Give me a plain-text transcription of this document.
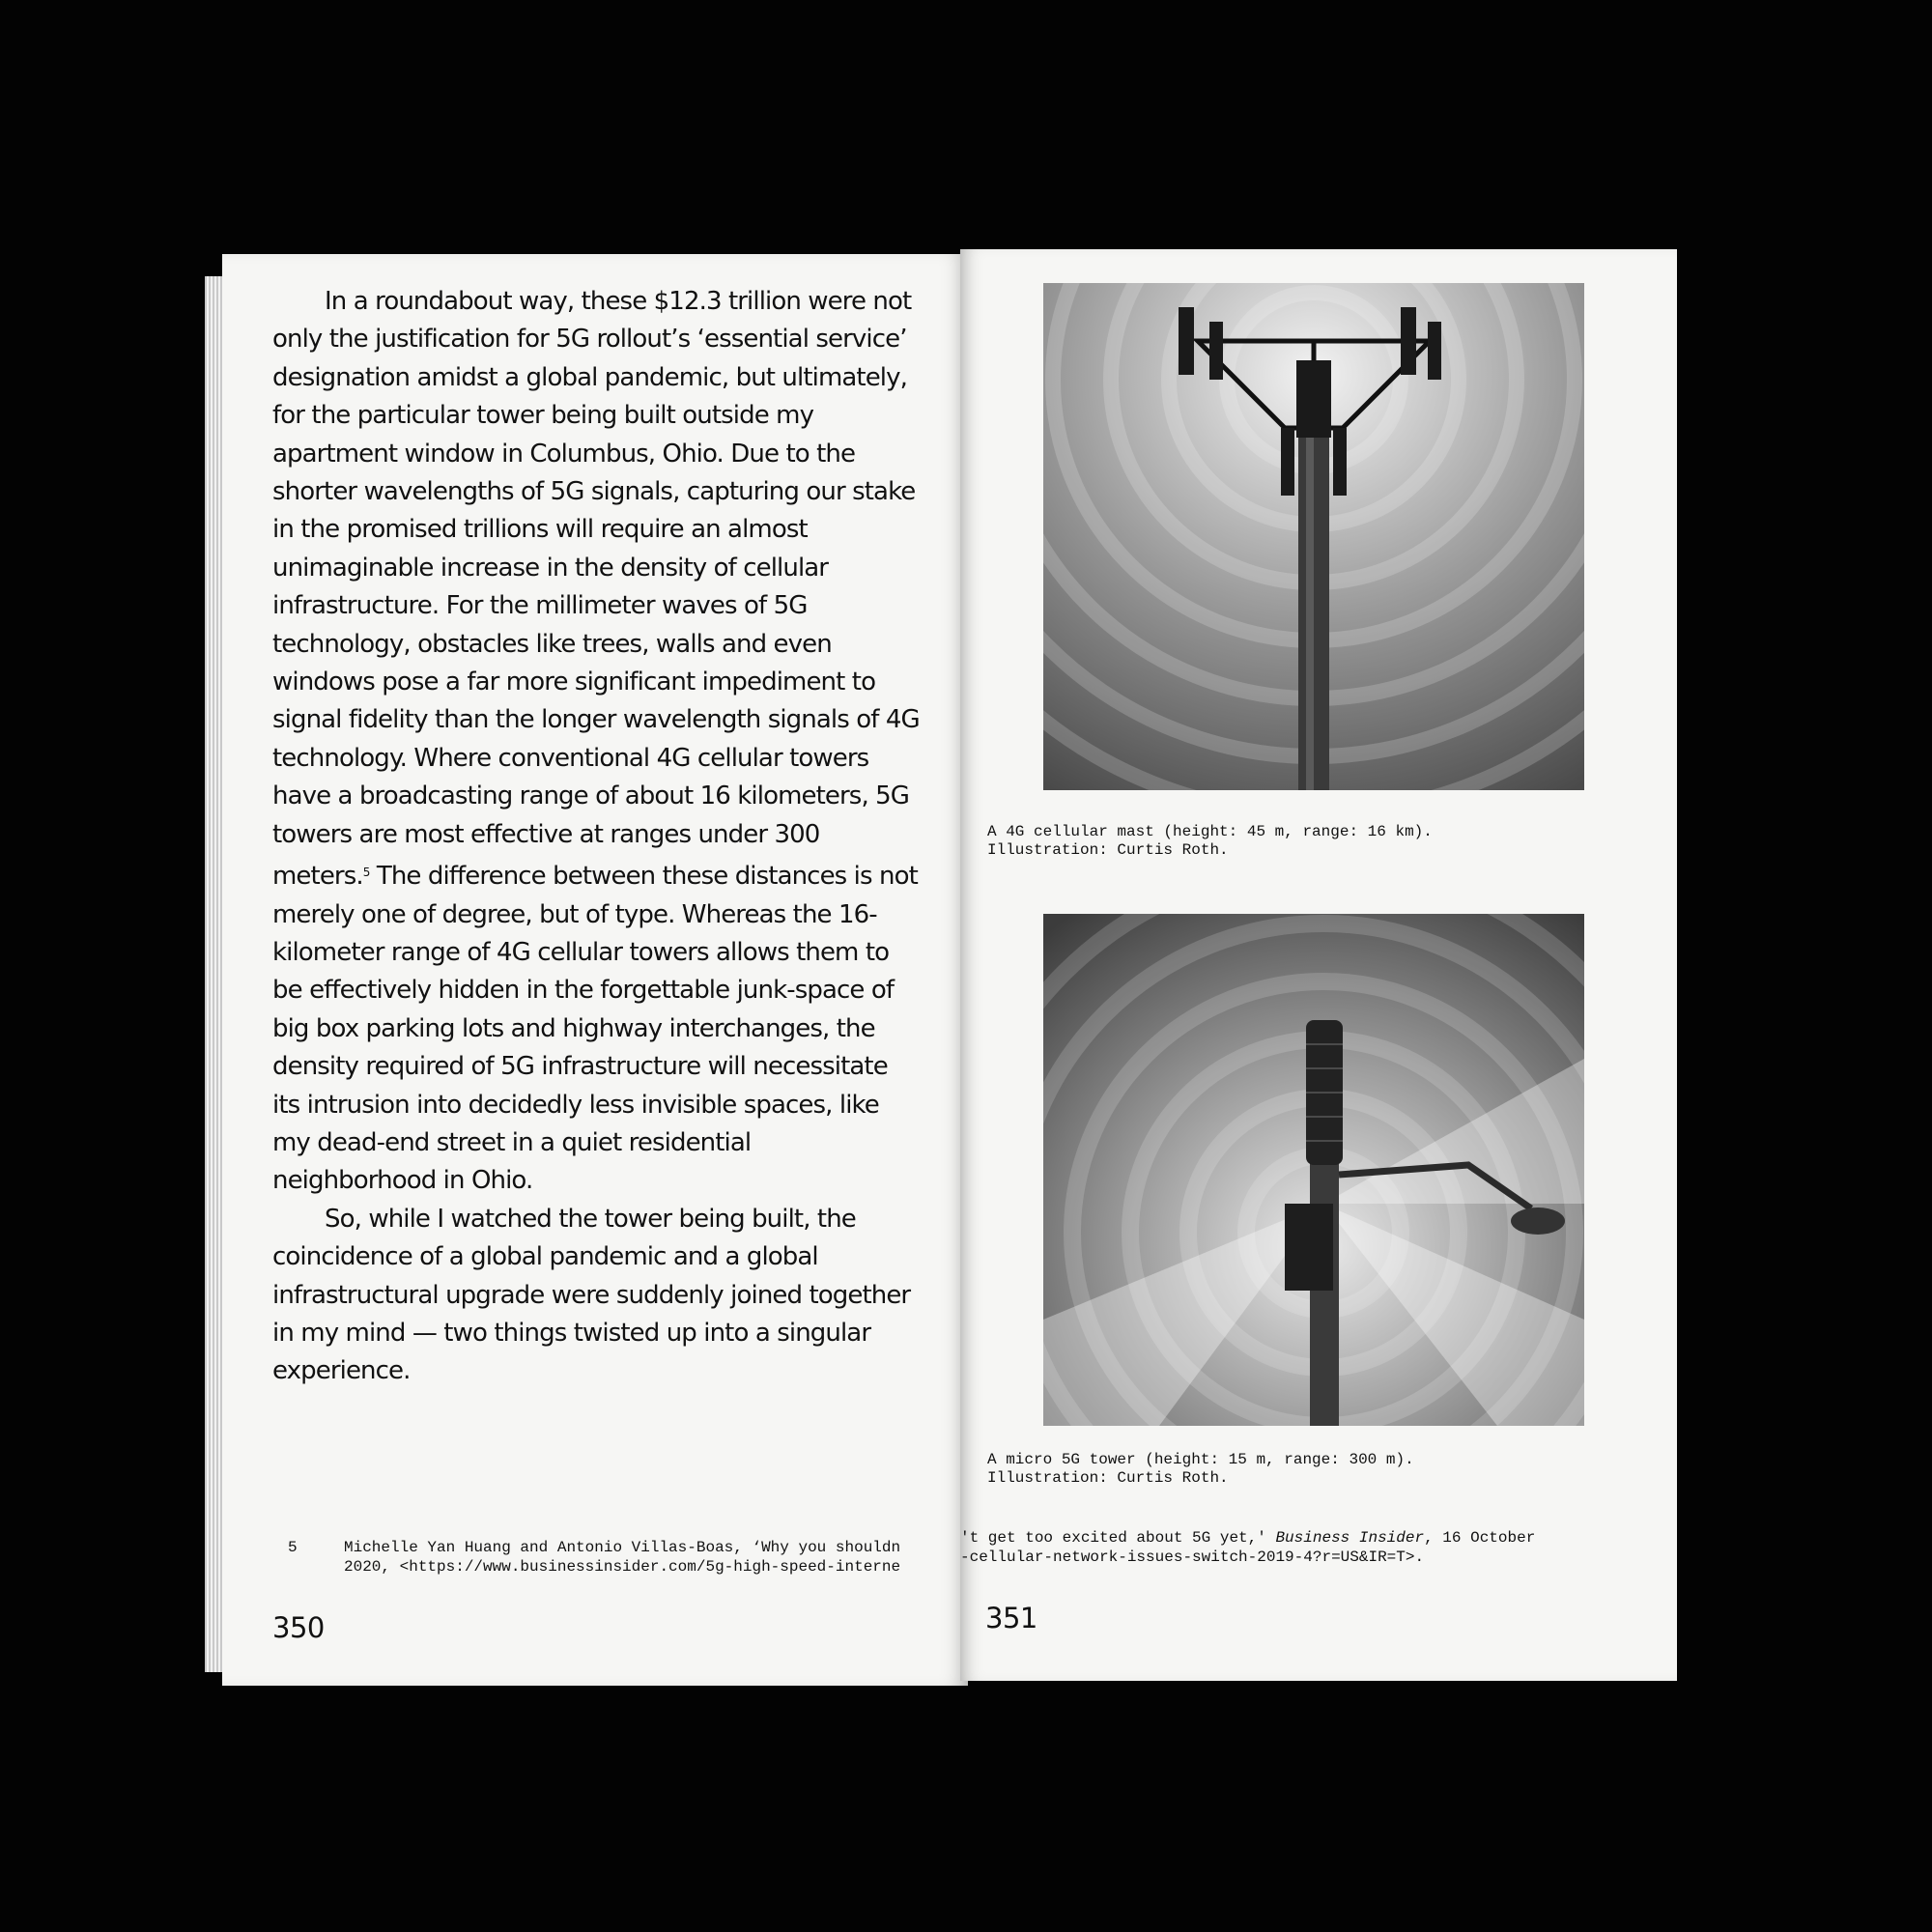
In a roundabout way, these $12.3 trillion were not only the justification for 5G rollout’s ‘essential service’ designation amidst a global pandemic, but ultimately, for the particular tower being built outside my apartment window in Columbus, Ohio. Due to the shorter wavelengths of 5G signals, capturing our stake in the promised trillions will require an almost unimaginable increase in the density of cellular infrastructure. For the millimeter waves of 5G technology, obstacles like trees, walls and even windows pose a far more significant impediment to signal fidelity than the longer wavelength signals of 4G technology. Where conventional 4G cellular towers have a broadcasting range of about 16 kilometers, 5G towers are most effective at ranges under 300 meters.$^5$ The difference between these distances is not merely one of degree, but of type. Whereas the 16-kilometer range of 4G cellular towers allows them to be effectively hidden in the forgettable junk-space of big box parking lots and highway interchanges, the density required of 5G infrastructure will necessitate its intrusion into decidedly less invisible spaces, like my dead-end street in a quiet residential neighborhood in Ohio.

So, while I watched the tower being built, the coincidence of a global pandemic and a global infrastructural upgrade were suddenly joined together in my mind — two things twisted up into a singular experience.

5	Michelle Yan Huang and Antonio Villas-Boas, ‘Why you shouldn
2020, <https://www.businessinsider.com/5g-high-speed-interne
350
A 4G cellular mast (height: 45 m, range: 16 km).
Illustration: Curtis Roth.
A micro 5G tower (height: 15 m, range: 300 m).
Illustration: Curtis Roth.
't get too excited about 5G yet,' Business Insider, 16 October
-cellular-network-issues-switch-2019-4?r=US&IR=T>.
351
